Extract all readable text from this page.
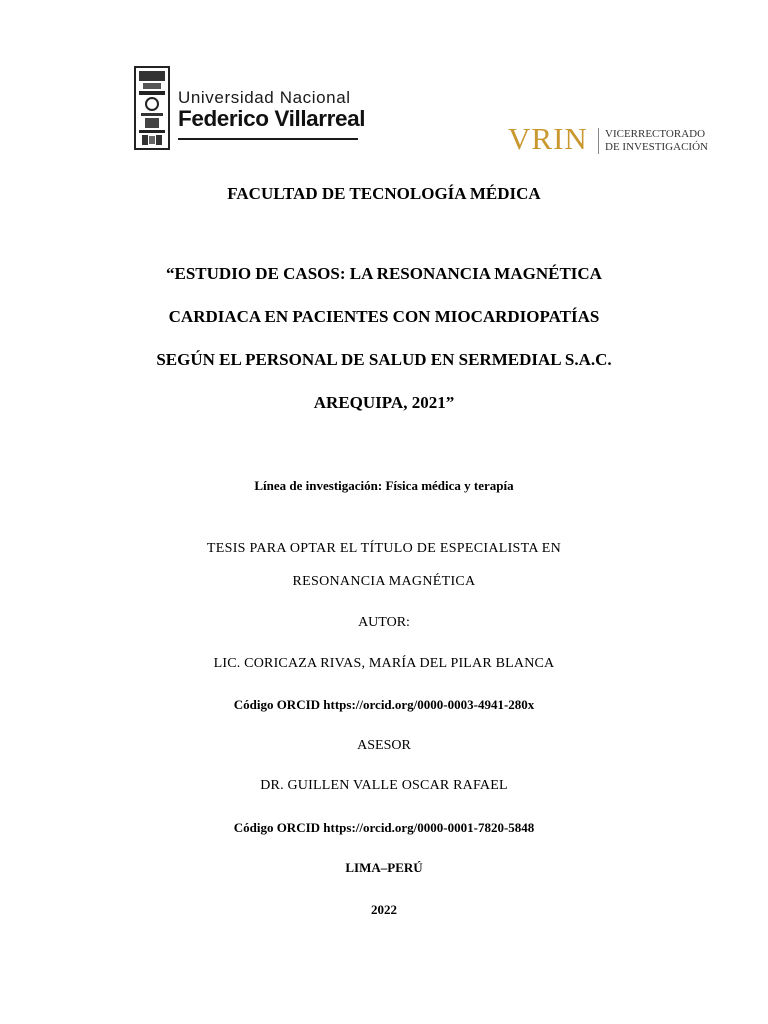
Universidad Nacional
Federico Villarreal
VRIN VICERRECTORADO
DE INVESTIGACIÓN
FACULTAD DE TECNOLOGÍA MÉDICA
“ESTUDIO DE CASOS: LA RESONANCIA MAGNÉTICA
CARDIACA EN PACIENTES CON MIOCARDIOPATÍAS
SEGÚN EL PERSONAL DE SALUD EN SERMEDIAL S.A.C.
AREQUIPA, 2021”
Línea de investigación: Física médica y terapía
TESIS PARA OPTAR EL TÍTULO DE ESPECIALISTA EN
RESONANCIA MAGNÉTICA
AUTOR:
LIC. CORICAZA RIVAS, MARÍA DEL PILAR BLANCA
Código ORCID https://orcid.org/0000-0003-4941-280x
ASESOR
DR. GUILLEN VALLE OSCAR RAFAEL
Código ORCID https://orcid.org/0000-0001-7820-5848
LIMA–PERÚ
2022
